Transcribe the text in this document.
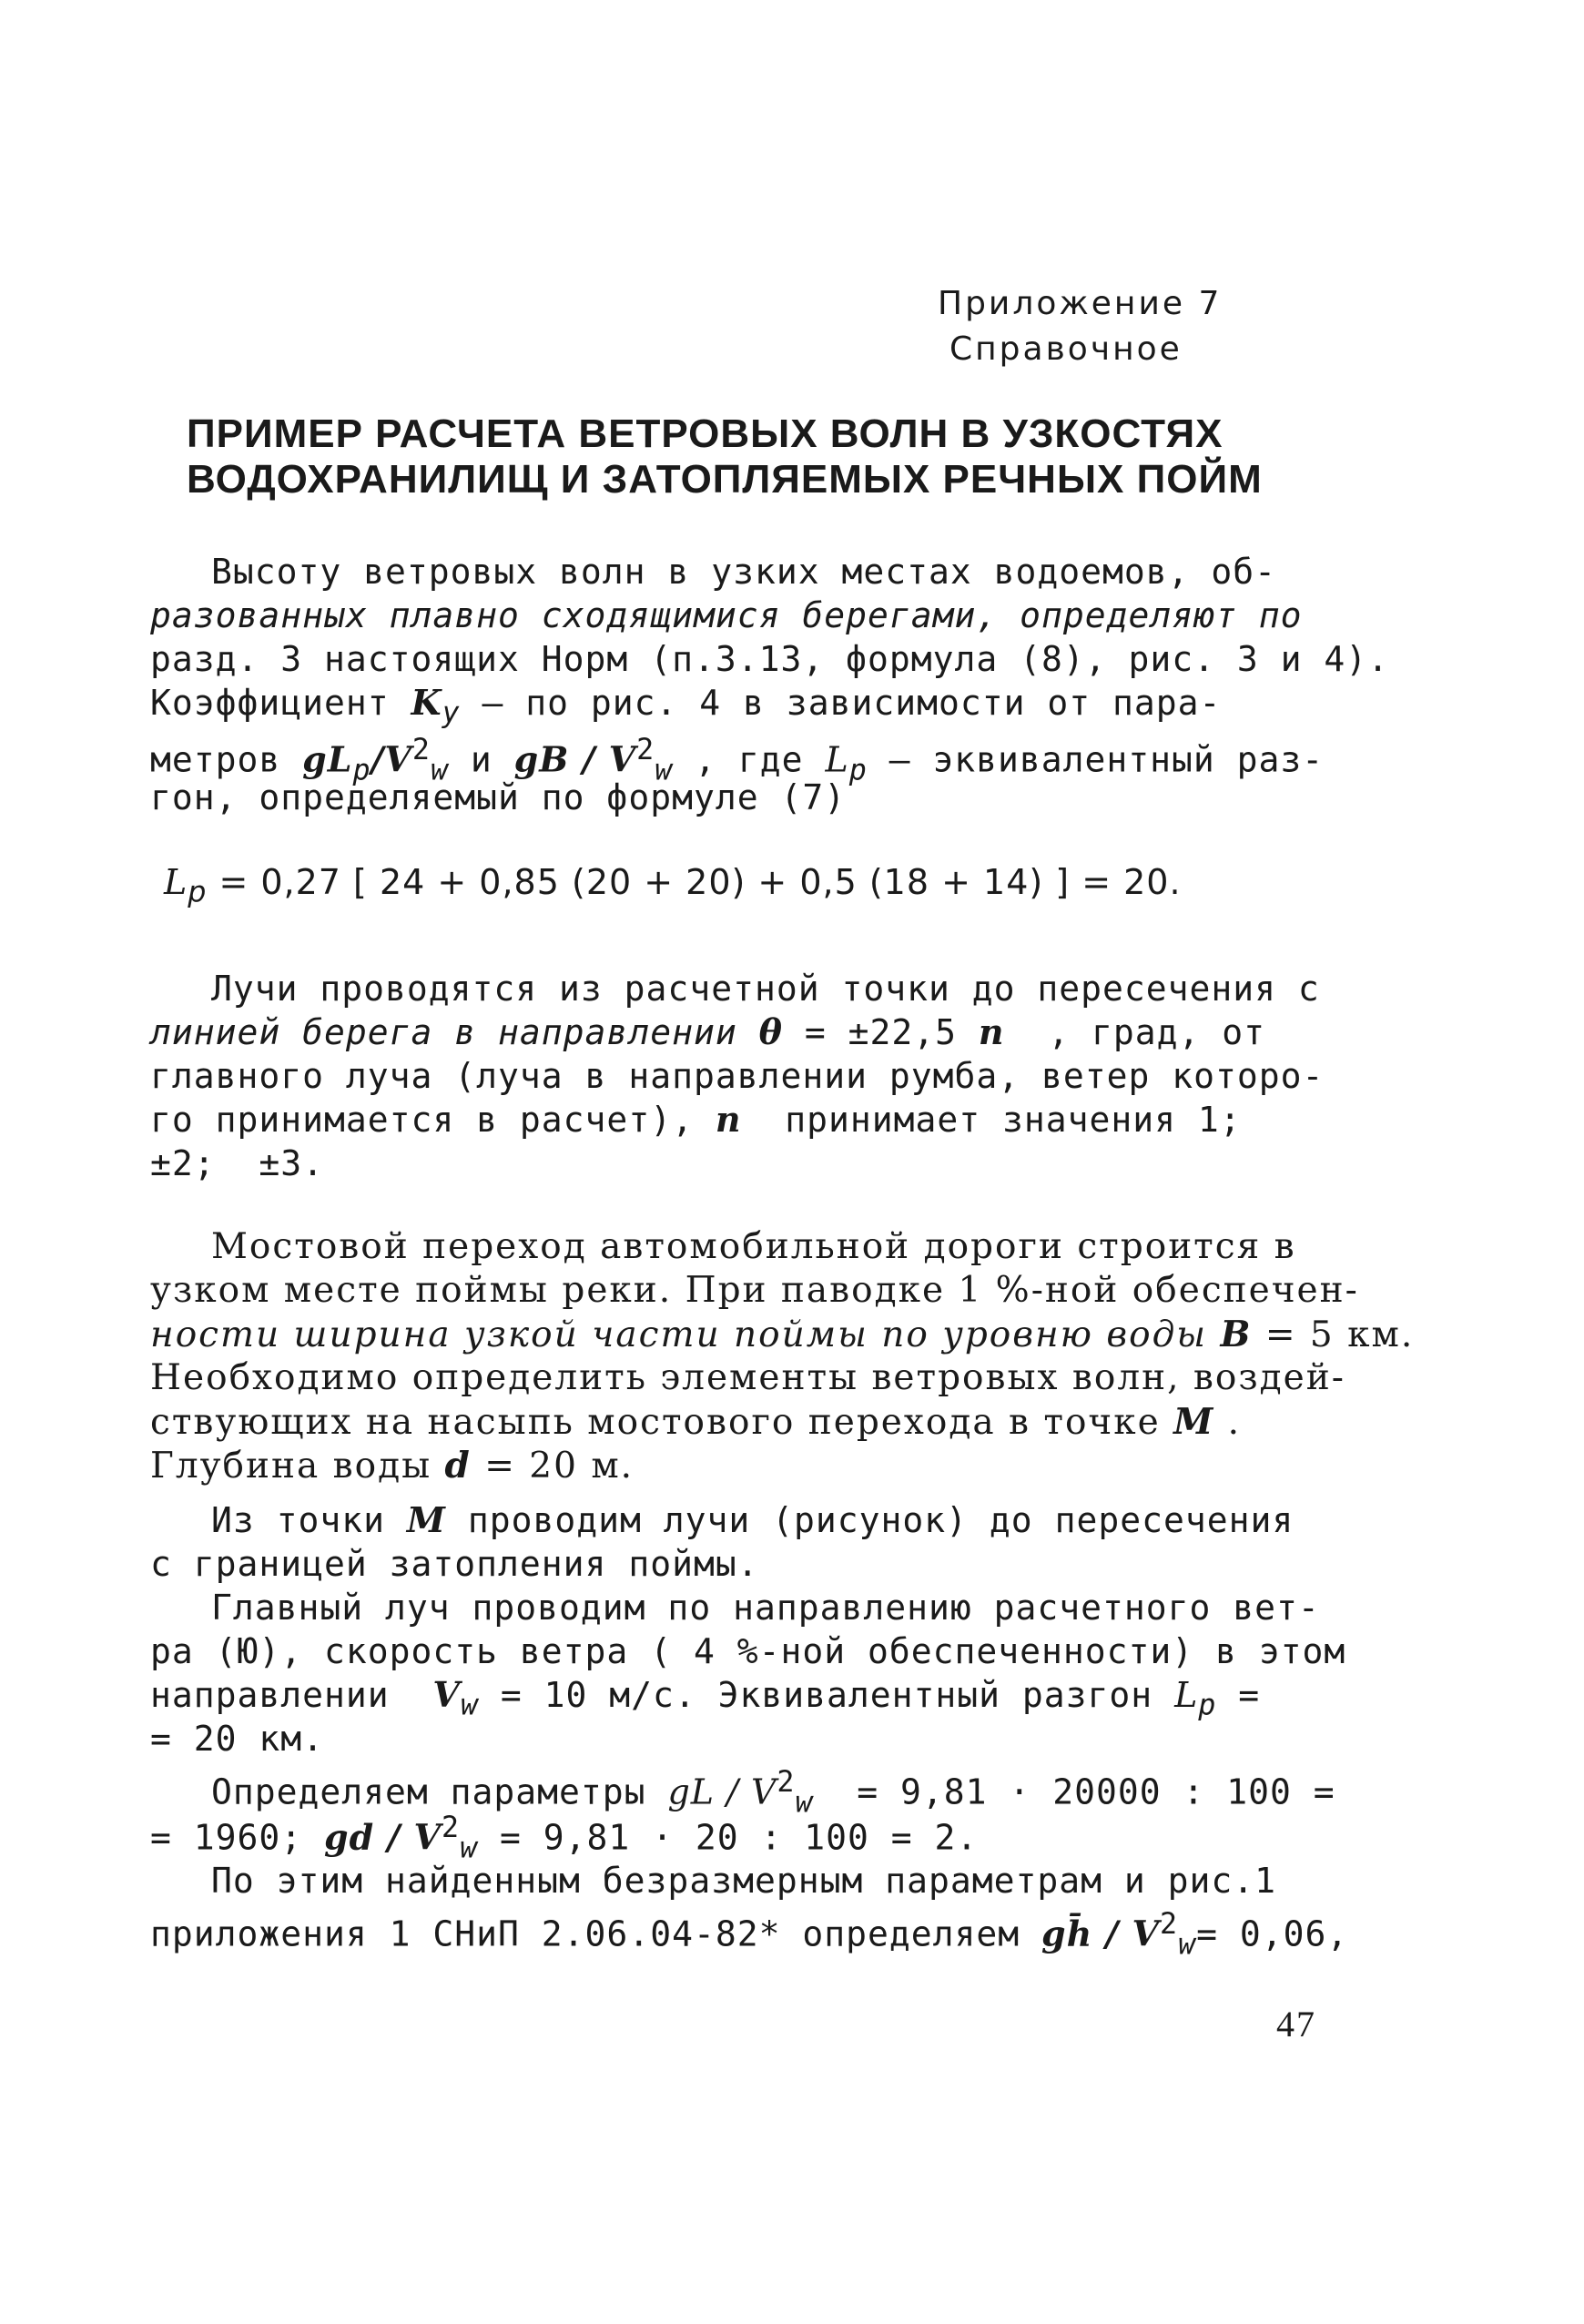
Приложение 7
Справочное
ПРИМЕР РАСЧЕТА ВЕТРОВЫХ ВОЛН В УЗКОСТЯХ
ВОДОХРАНИЛИЩ И ЗАТОПЛЯЕМЫХ РЕЧНЫХ ПОЙМ
Высоту ветровых волн в узких местах водоемов, об-
разованных плавно сходящимися берегами, определяют по
разд. 3 настоящих Норм (п.3.13, формула (8), рис. 3 и 4).
Коэффициент $K_y$ – по рис. 4 в зависимости от пара-
метров $gL_p/V^2_w$ и gB / $V^2_w$ , где $L_p$ – эквивалентный раз-
гон, определяемый по формуле (7)
$L_p = 0,27$ [ 24 + 0,85 (20 + 20) + 0,5 (18 + 14) ] = 20.
Лучи проводятся из расчетной точки до пересечения с
линией берега в направлении θ = ±22,5 n  , град, от
главного луча (луча в направлении румба, ветер которо-
го принимается в расчет), n  принимает значения 1;
±2;  ±3.
Мостовой переход автомобильной дороги строится в
узком месте поймы реки. При паводке 1 %-ной обеспечен-
ности ширина узкой части поймы по уровню воды B = 5 км.
Необходимо определить элементы ветровых волн, воздей-
ствующих на насыпь мостового перехода в точке M .
Глубина воды d = 20 м.
Из точки M проводим лучи (рисунок) до пересечения
с границей затопления поймы.
Главный луч проводим по направлению расчетного вет-
ра (Ю), скорость ветра ( 4 %-ной обеспеченности) в этом
направлении  $V_w = 10$ м/с. Эквивалентный разгон $L_p$ =
= 20 км.
Определяем параметры gL / $V^2_w = 9,81 \cdot 20000$ : 100 =
= 1960; gd / $V^2_w = 9,81 \cdot 20$ : 100 = 2.
По этим найденным безразмерным параметрам и рис.1
приложения 1 СНиП 2.06.04-82* определяем gh̄ / $V^2_w= 0,06$,
47
